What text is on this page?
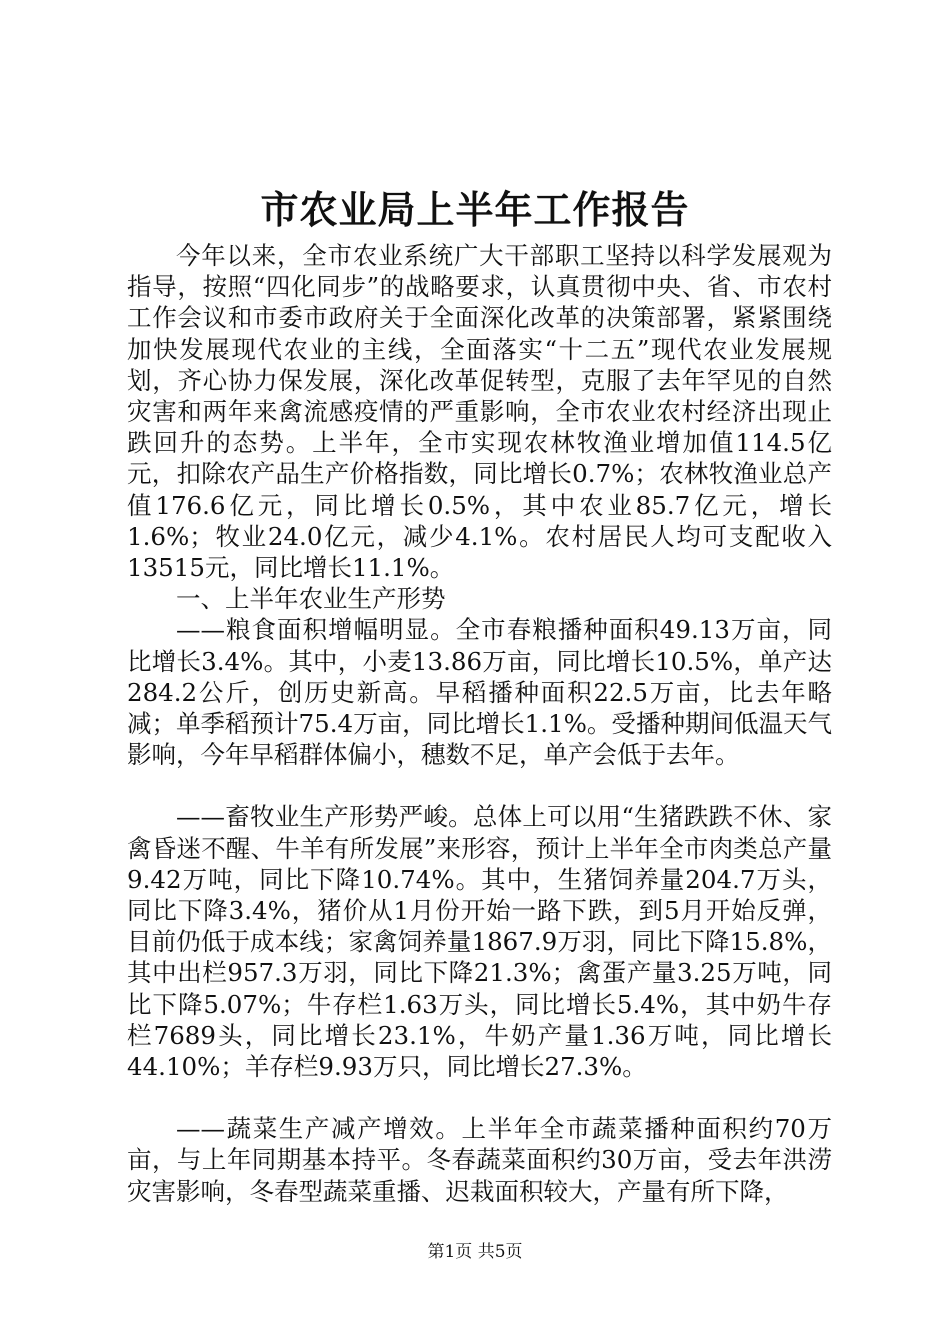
市农业局上半年工作报告

今年以来，全市农业系统广大干部职工坚持以科学发展观为指导，按照“四化同步”的战略要求，认真贯彻中央、省、市农村工作会议和市委市政府关于全面深化改革的决策部署，紧紧围绕加快发展现代农业的主线，全面落实“十二五”现代农业发展规划，齐心协力保发展，深化改革促转型，克服了去年罕见的自然灾害和两年来禽流感疫情的严重影响，全市农业农村经济出现止跌回升的态势。上半年，全市实现农林牧渔业增加值114.5亿元，扣除农产品生产价格指数，同比增长0.7%；农林牧渔业总产值176.6亿元，同比增长0.5%，其中农业85.7亿元，增长1.6%；牧业24.0亿元，减少4.1%。农村居民人均可支配收入13515元，同比增长11.1%。

一、上半年农业生产形势

——粮食面积增幅明显。全市春粮播种面积49.13万亩，同比增长3.4%。其中，小麦13.86万亩，同比增长10.5%，单产达284.2公斤，创历史新高。早稻播种面积22.5万亩，比去年略减；单季稻预计75.4万亩，同比增长1.1%。受播种期间低温天气影响，今年早稻群体偏小，穗数不足，单产会低于去年。

——畜牧业生产形势严峻。总体上可以用“生猪跌跌不休、家禽昏迷不醒、牛羊有所发展”来形容，预计上半年全市肉类总产量9.42万吨，同比下降10.74%。其中，生猪饲养量204.7万头，同比下降3.4%，猪价从1月份开始一路下跌，到5月开始反弹，目前仍低于成本线；家禽饲养量1867.9万羽，同比下降15.8%，其中出栏957.3万羽，同比下降21.3%；禽蛋产量3.25万吨，同比下降5.07%；牛存栏1.63万头，同比增长5.4%，其中奶牛存栏7689头，同比增长23.1%，牛奶产量1.36万吨，同比增长44.10%；羊存栏9.93万只，同比增长27.3%。

——蔬菜生产减产增效。上半年全市蔬菜播种面积约70万亩，与上年同期基本持平。冬春蔬菜面积约30万亩，受去年洪涝灾害影响，冬春型蔬菜重播、迟栽面积较大，产量有所下降，

第1页 共5页
